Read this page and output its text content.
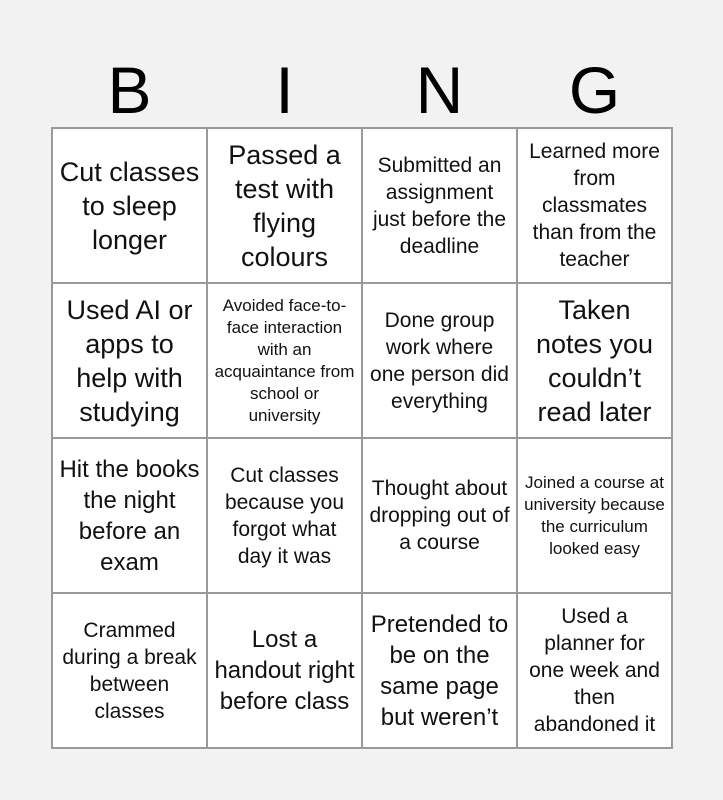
B	I	N	G
Cut classes to sleep longer
Passed a test with flying colours
Submitted an assignment just before the deadline
Learned more from classmates than from the teacher
Used AI or apps to help with studying
Avoided face-to-face interaction with an acquaintance from school or university
Done group work where one person did everything
Taken notes you couldn’t read later
Hit the books the night before an exam
Cut classes because you forgot what day it was
Thought about dropping out of a course
Joined a course at university because the curriculum looked easy
Crammed during a break between classes
Lost a handout right before class
Pretended to be on the same page but weren’t
Used a planner for one week and then abandoned it
